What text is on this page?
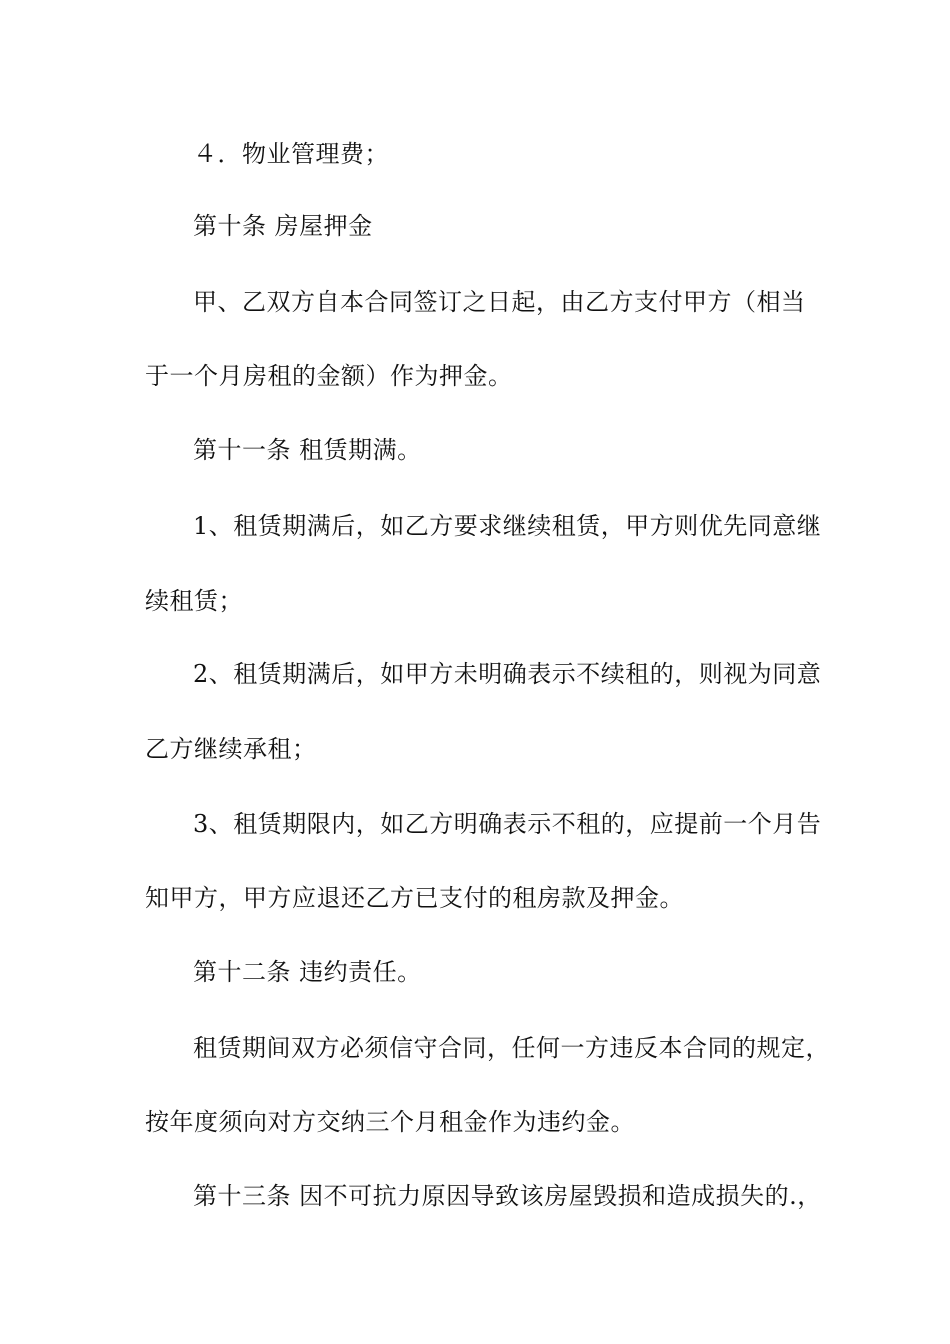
４．物业管理费；
第十条 房屋押金
甲、乙双方自本合同签订之日起，由乙方支付甲方（相当
于一个月房租的金额）作为押金。
第十一条 租赁期满。
1、租赁期满后，如乙方要求继续租赁，甲方则优先同意继
续租赁；
2、租赁期满后，如甲方未明确表示不续租的，则视为同意
乙方继续承租；
3、租赁期限内，如乙方明确表示不租的，应提前一个月告
知甲方，甲方应退还乙方已支付的租房款及押金。
第十二条 违约责任。
租赁期间双方必须信守合同，任何一方违反本合同的规定，
按年度须向对方交纳三个月租金作为违约金。
第十三条 因不可抗力原因导致该房屋毁损和造成损失的.，
